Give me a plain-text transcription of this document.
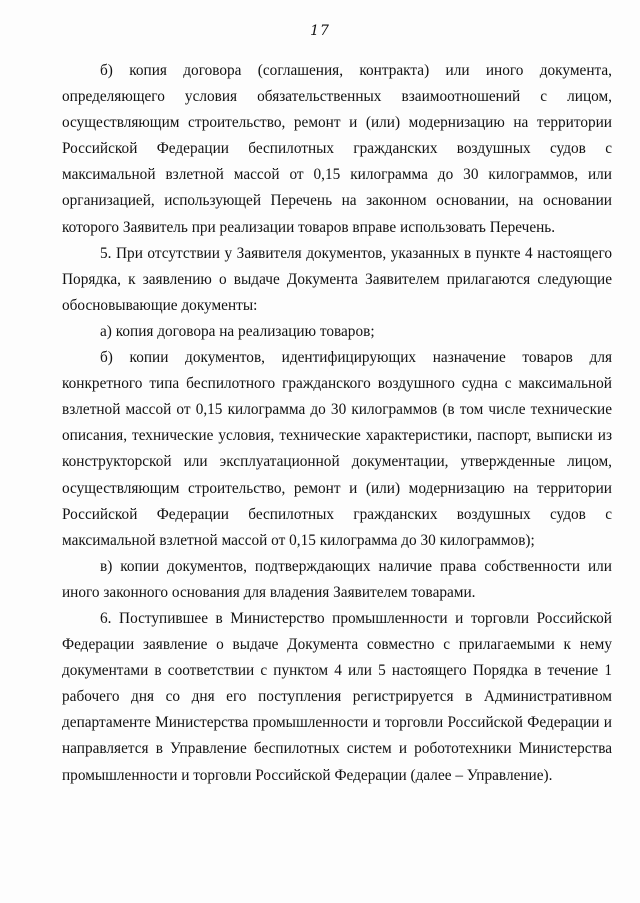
17

б) копия договора (соглашения, контракта) или иного документа, определяющего условия обязательственных взаимоотношений с лицом, осуществляющим строительство, ремонт и (или) модернизацию на территории Российской Федерации беспилотных гражданских воздушных судов с максимальной взлетной массой от 0,15 килограмма до 30 килограммов, или организацией, использующей Перечень на законном основании, на основании которого Заявитель при реализации товаров вправе использовать Перечень.

5. При отсутствии у Заявителя документов, указанных в пункте 4 настоящего Порядка, к заявлению о выдаче Документа Заявителем прилагаются следующие обосновывающие документы:

а) копия договора на реализацию товаров;

б) копии документов, идентифицирующих назначение товаров для конкретного типа беспилотного гражданского воздушного судна с максимальной взлетной массой от 0,15 килограмма до 30 килограммов (в том числе технические описания, технические условия, технические характеристики, паспорт, выписки из конструкторской или эксплуатационной документации, утвержденные лицом, осуществляющим строительство, ремонт и (или) модернизацию на территории Российской Федерации беспилотных гражданских воздушных судов с максимальной взлетной массой от 0,15 килограмма до 30 килограммов);

в) копии документов, подтверждающих наличие права собственности или иного законного основания для владения Заявителем товарами.

6. Поступившее в Министерство промышленности и торговли Российской Федерации заявление о выдаче Документа совместно с прилагаемыми к нему документами в соответствии с пунктом 4 или 5 настоящего Порядка в течение 1 рабочего дня со дня его поступления регистрируется в Административном департаменте Министерства промышленности и торговли Российской Федерации и направляется в Управление беспилотных систем и робототехники Министерства промышленности и торговли Российской Федерации (далее – Управление).
